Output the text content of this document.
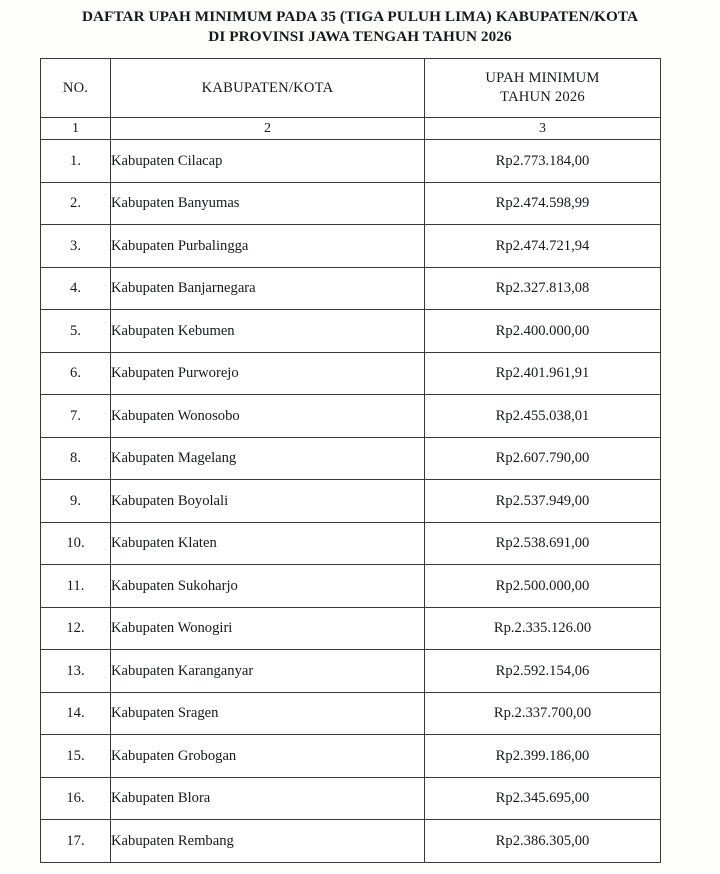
DAFTAR UPAH MINIMUM PADA 35 (TIGA PULUH LIMA) KABUPATEN/KOTA
DI PROVINSI JAWA TENGAH TAHUN 2026
NO.	KABUPATEN/KOTA	UPAH MINIMUM
TAHUN 2026

1	2	3
1.	Kabupaten Cilacap	Rp2.773.184,00
2.	Kabupaten Banyumas	Rp2.474.598,99
3.	Kabupaten Purbalingga	Rp2.474.721,94
4.	Kabupaten Banjarnegara	Rp2.327.813,08
5.	Kabupaten Kebumen	Rp2.400.000,00
6.	Kabupaten Purworejo	Rp2.401.961,91
7.	Kabupaten Wonosobo	Rp2.455.038,01
8.	Kabupaten Magelang	Rp2.607.790,00
9.	Kabupaten Boyolali	Rp2.537.949,00
10.	Kabupaten Klaten	Rp2.538.691,00
11.	Kabupaten Sukoharjo	Rp2.500.000,00
12.	Kabupaten Wonogiri	Rp.2.335.126.00
13.	Kabupaten Karanganyar	Rp2.592.154,06
14.	Kabupaten Sragen	Rp.2.337.700,00
15.	Kabupaten Grobogan	Rp2.399.186,00
16.	Kabupaten Blora	Rp2.345.695,00
17.	Kabupaten Rembang	Rp2.386.305,00
